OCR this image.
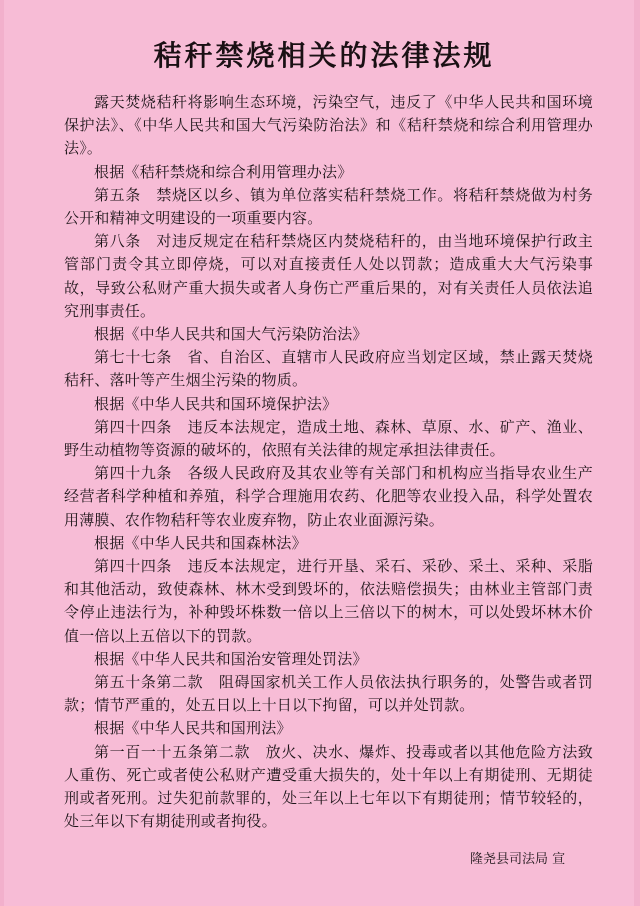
秸秆禁烧相关的法律法规

露天焚烧秸秆将影响生态环境，污染空气，违反了《中华人民共和国环境保护法》、《中华人民共和国大气污染防治法》和《秸秆禁烧和综合利用管理办法》。

根据《秸秆禁烧和综合利用管理办法》

第五条　禁烧区以乡、镇为单位落实秸秆禁烧工作。将秸秆禁烧做为村务公开和精神文明建设的一项重要内容。

第八条　对违反规定在秸秆禁烧区内焚烧秸秆的，由当地环境保护行政主管部门责令其立即停烧，可以对直接责任人处以罚款；造成重大大气污染事故，导致公私财产重大损失或者人身伤亡严重后果的，对有关责任人员依法追究刑事责任。

根据《中华人民共和国大气污染防治法》

第七十七条　省、自治区、直辖市人民政府应当划定区域，禁止露天焚烧秸秆、落叶等产生烟尘污染的物质。

根据《中华人民共和国环境保护法》

第四十四条　违反本法规定，造成土地、森林、草原、水、矿产、渔业、野生动植物等资源的破坏的，依照有关法律的规定承担法律责任。

第四十九条　各级人民政府及其农业等有关部门和机构应当指导农业生产经营者科学种植和养殖，科学合理施用农药、化肥等农业投入品，科学处置农用薄膜、农作物秸秆等农业废弃物，防止农业面源污染。

根据《中华人民共和国森林法》

第四十四条　违反本法规定，进行开垦、采石、采砂、采土、采种、采脂和其他活动，致使森林、林木受到毁坏的，依法赔偿损失；由林业主管部门责令停止违法行为，补种毁坏株数一倍以上三倍以下的树木，可以处毁坏林木价值一倍以上五倍以下的罚款。

根据《中华人民共和国治安管理处罚法》

第五十条第二款　阻碍国家机关工作人员依法执行职务的，处警告或者罚款；情节严重的，处五日以上十日以下拘留，可以并处罚款。

根据《中华人民共和国刑法》

第一百一十五条第二款　放火、决水、爆炸、投毒或者以其他危险方法致人重伤、死亡或者使公私财产遭受重大损失的，处十年以上有期徒刑、无期徒刑或者死刑。过失犯前款罪的，处三年以上七年以下有期徒刑；情节较轻的，处三年以下有期徒刑或者拘役。

隆尧县司法局 宣
